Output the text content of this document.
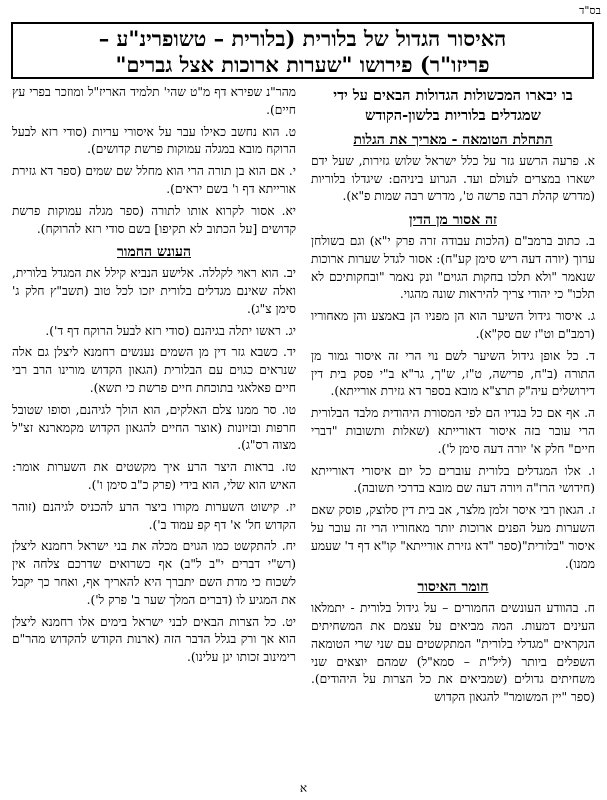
בס"ד
האיסור הגדול של בלורית (בלורית – טשופרינ"ע –
פריזו"ר) פירושו "שערות ארוכות אצל גברים"
בו יבארו המכשולות הגדולות הבאים על ידי שמגדלים בלוריות בלשון-הקודש
התחלת הטומאה - מאריך את הגלות
א. פרעה הרשע גזר על כלל ישראל שלוש גזירות, שעל ידם ישארו במצרים לעולם ועד. הגרוע ביניהם: שיגדלו בלוריות (מדרש קהלת רבה פרשה ט', מדרש רבה שמות פ"א).
זה אסור מן הדין
ב. כתוב ברמב"ם (הלכות עבודה זרה פרק י"א) וגם בשולחן ערוך (יורה דעה ריש סימן קע"ח): אסור לגדל שערות ארוכות שנאמר "ולא תלכו בחקות הגוים" ונק נאמר "ובחקותיכם לא תלכו" כי יהודי צריך להיראות שונה מהגוי.
ג. איסור גידול השיער הוא הן מפניו הן באמצע והן מאחוריו (רמב"ם וט"ז שם סק"א).
ד. כל אופן גידול השיער לשם נוי הרי זה איסור גמור מן התורה (ב"ח, פרישה, ט"ז, ש"ך, גר"א ב"י פסק בית דין דירושלים עיה"ק תרצ"א מובא בספר דא גזירת אורייתא).
ה. אף אם כל בגדיו הם לפי המסורת היהודית מלבד הבלורית הרי עובר בזה איסור דאורייתא (שאלות ותשובות "דברי חיים" חלק א' יורה דעה סימן ל').
ו. אלו המגדלים בלורית עוברים כל יום איסורי דאורייתא (חידושי הרז"ה ויורה דעה שם מובא בדרכי תשובה).
ז. הגאון רבי איסר זלמן מלצר, אב בית דין סלוצק, פוסק שאם השערות מעל הפנים ארוכות יותר מאחוריו הרי זה עובר על איסור "בלורית"(ספר "דא גזירת אורייתא" קו"א דף ד' שעמע ממנו).
חומר האיסור
ח. בהוודע העונשים החמורים – על גידול בלורית - יתמלאו העינים דמעות. המה מביאים על עצמם את המשחיתים הנקראים "מגדלי בלורית" המתקשטים עם שני שרי הטומאה השפלים ביותר (ליל"ת – סמא"ל) שמהם יוצאים שני משחיתים גדולים (שמביאים את כל הצרות על היהודים). (ספר "יין המשומר" להגאון הקדוש
מהר"נ שפירא דף מ"ט שהי' תלמיד האריז"ל ומוזכר בפרי עץ חיים).
ט. הוא נחשב כאילו עבר על איסורי עריות (סודי רזא לבעל הרוקח מובא במגלה עמוקות פרשת קדושים).
י. אם הוא בן תורה הרי הוא מחלל שם שמים (ספר דא גזירת אורייתא דף ו' בשם יראים).
יא. אסור לקרוא אותו לתורה (ספר מגלה עמוקות פרשת קדושים [על הכתוב לא תקיפו] בשם סודי רזא להרוקח).
העונש החמור
יב. הוא ראוי לקללה. אלישע הנביא קילל את המגדל בלורית, ואלה שאינם מגדלים בלורית יזכו לכל טוב (תשב"ץ חלק ג' סימן צ"ג).
יג. ראשו יתלה בגיהנם (סודי רזא לבעל הרוקח דף ד').
יד. כשבא גזר דין מן השמים נענשים רחמנא ליצלן גם אלה שנראים כגוים עם הבלורית (הגאון הקדוש מורינו הרב רבי חיים פאלאגי בתוכחת חיים פרשת כי תשא).
טו. סר ממנו צלם האלקים, הוא הולך לגיהנם, וסופו שטובל חרפות ובזיונות (אוצר החיים להגאון הקדוש מקמארנא זצ"ל מצוה רס"ג).
טז. בראות היצר הרע איך מקשטים את השערות אומר: האיש הוא שלי, הוא בידי (פרק כ"ב סימן ו').
יז. קישוט השערות מקורו ביצר הרע להכניס לגיהנם (זוהר הקדוש חל' א' דף קפ עמוד ב').
יח. להתקשט כמו הגוים מכלה את בני ישראל רחמנא ליצלן (רש"י דברים י"ב ל"ב) אף כשרואים שדרכם צלחה אין לשכוח כי מדת השם יתברך היא להאריך אף, ואחר כך יקבל את המגיע לו (דברים המלך שער ב' פרק ל').
יט. כל הצרות הבאים לבני ישראל בימים אלו רחמנא ליצלן הוא אך ורק בגלל הדבר הזה (ארנות הקודש להקדוש מהר"ם רימינוב זכותו יגן עלינו).
א
